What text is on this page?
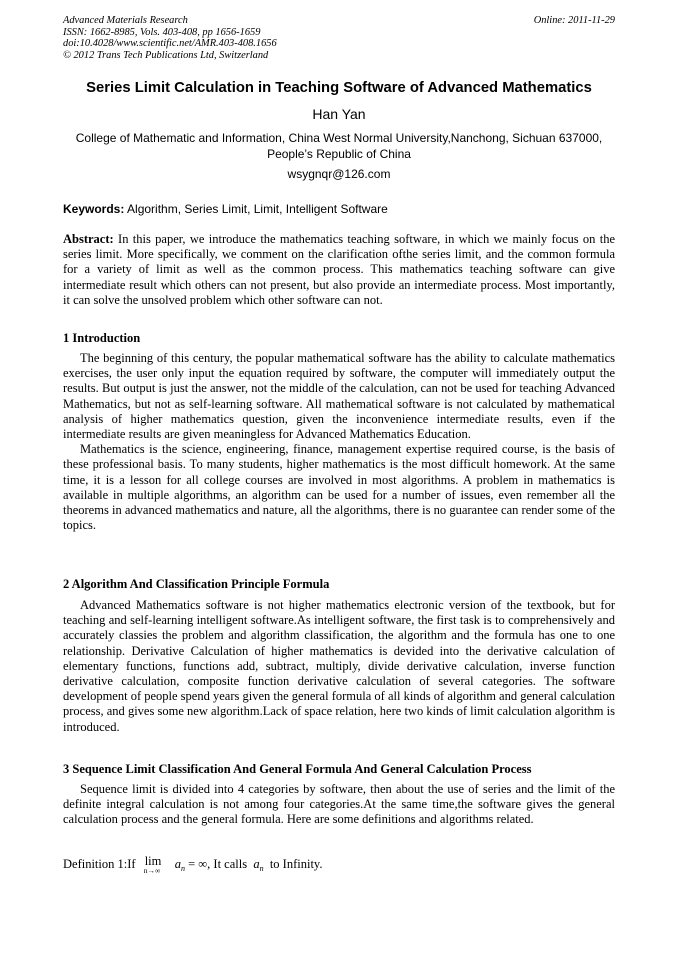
Advanced Materials Research
ISSN: 1662-8985, Vols. 403-408, pp 1656-1659
doi:10.4028/www.scientific.net/AMR.403-408.1656
© 2012 Trans Tech Publications Ltd, Switzerland
Online: 2011-11-29
Series Limit Calculation in Teaching Software of Advanced Mathematics
Han Yan
College of Mathematic and Information, China West Normal University,Nanchong, Sichuan 637000,
People’s Republic of China
wsygnqr@126.com
Keywords: Algorithm, Series Limit, Limit, Intelligent Software
Abstract: In this paper, we introduce the mathematics teaching software, in which we mainly focus on the series limit. More specifically, we comment on the clarification ofthe series limit, and the common formula for a variety of limit as well as the common process. This mathematics teaching software can give intermediate result which others can not present, but also provide an intermediate process. Most importantly, it can solve the unsolved problem which other software can not.
1 Introduction

The beginning of this century, the popular mathematical software has the ability to calculate mathematics exercises, the user only input the equation required by software, the computer will immediately output the results. But output is just the answer, not the middle of the calculation, can not be used for teaching Advanced Mathematics, but not as self-learning software. All mathematical software is not calculated by mathematical analysis of higher mathematics question, given the inconvenience intermediate results, even if the intermediate results are given meaningless for Advanced Mathematics Education.

Mathematics is the science, engineering, finance, management expertise required course, is the basis of these professional basis. To many students, higher mathematics is the most difficult homework. At the same time, it is a lesson for all college courses are involved in most algorithms. A problem in mathematics is available in multiple algorithms, an algorithm can be used for a number of issues, even remember all the theorems in advanced mathematics and nature, all the algorithms, there is no guarantee can render some of the topics.

2 Algorithm And Classification Principle Formula

Advanced Mathematics software is not higher mathematics electronic version of the textbook, but for teaching and self-learning intelligent software.As intelligent software, the first task is to comprehensively and accurately classies the problem and algorithm classification, the algorithm and the formula has one to one relationship. Derivative Calculation of higher mathematics is devided into the derivative calculation of elementary functions, functions add, subtract, multiply, divide derivative calculation, inverse function derivative calculation, composite function derivative calculation of several categories. The software development of people spend years given the general formula of all kinds of algorithm and general calculation process, and gives some new algorithm.Lack of space relation, here two kinds of limit calculation algorithm is introduced.

3 Sequence Limit Classification And General Formula And General Calculation Process

Sequence limit is divided into 4 categories by software, then about the use of series and the limit of the definite integral calculation is not among four categories.At the same time,the software gives the general calculation process and the general formula. Here are some definitions and algorithms related.

Definition 1:If lim
n→∞ $a_n$ = ∞, It calls $a_n$ to Infinity.
